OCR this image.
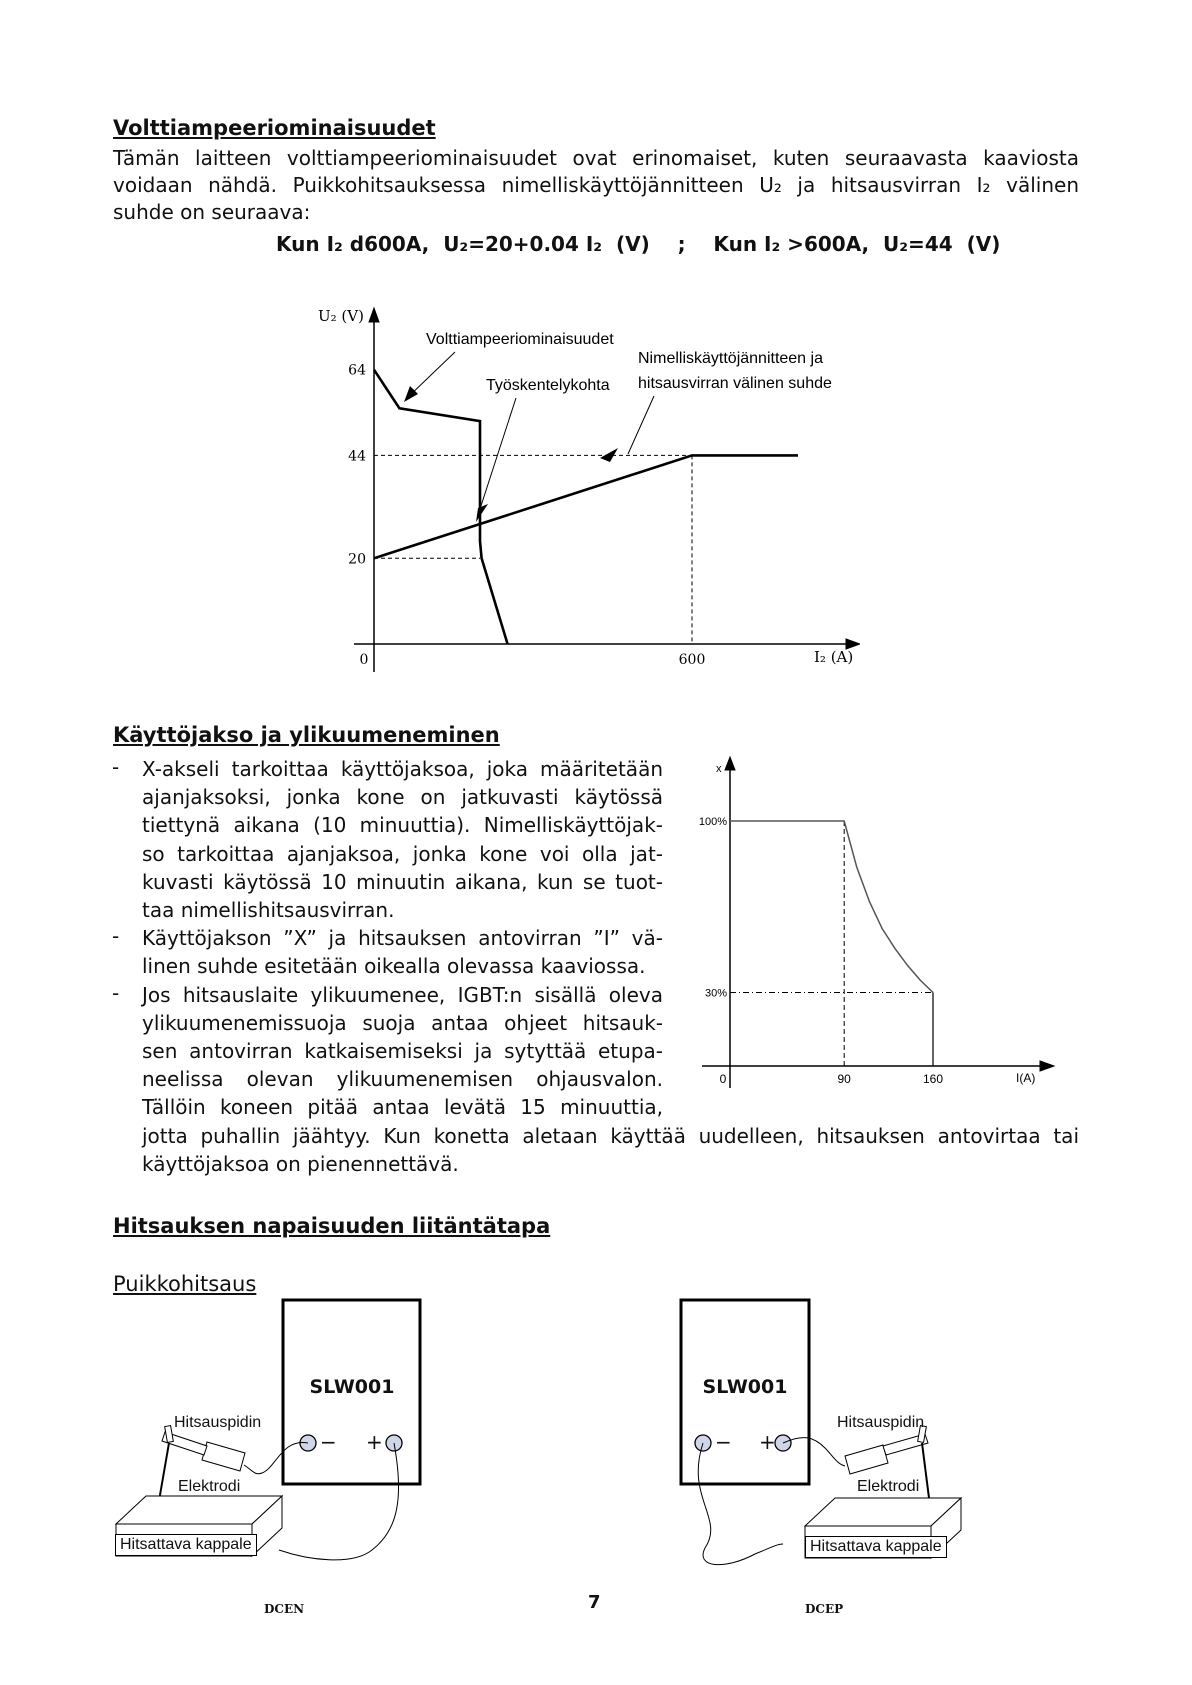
Volttiampeeriominaisuudet
Tämän laitteen volttiampeeriominaisuudet ovat erinomaiset, kuten seuraavasta kaaviosta
voidaan nähdä. Puikkohitsauksessa nimelliskäyttöjännitteen U₂ ja hitsausvirran I₂ välinen
suhde on seuraava:
Kun I₂ d600A,  U₂=20+0.04 I₂  (V)    ;    Kun I₂ >600A,  U₂=44  (V)
20
44
64
0	600
U₂ (V)
I₂ (A)
Volttiampeeriominaisuudet
Työskentelykohta
Nimelliskäyttöjännitteen ja
hitsausvirran välinen suhde
Käyttöjakso ja ylikuumeneminen
- X-akseli tarkoittaa käyttöjaksoa, joka määritetään
ajanjaksoksi, jonka kone on jatkuvasti käytössä
tiettynä aikana (10 minuuttia). Nimelliskäyttöjak-
so tarkoittaa ajanjaksoa, jonka kone voi olla jat-
kuvasti käytössä 10 minuutin aikana, kun se tuot-
taa nimellishitsausvirran.
- Käyttöjakson ”X” ja hitsauksen antovirran ”I” vä-
linen suhde esitetään oikealla olevassa kaaviossa.
- Jos hitsauslaite ylikuumenee, IGBT:n sisällä oleva
ylikuumenemissuoja suoja antaa ohjeet hitsauk-
sen antovirran katkaisemiseksi ja sytyttää etupa-
neelissa olevan ylikuumenemisen ohjausvalon.
Tällöin koneen pitää antaa levätä 15 minuuttia,
jotta puhallin jäähtyy. Kun konetta aletaan käyttää uudelleen, hitsauksen antovirtaa tai
käyttöjaksoa on pienennettävä.
100%
30%
0	90	160
x
I(A)
Hitsauksen napaisuuden liitäntätapa
Puikkohitsaus
SLW001
− +
Hitsauspidin
Elektrodi
Hitsattava kappale
DCEN
SLW001
− +
Hitsauspidin
Elektrodi
Hitsattava kappale
DCEP
7
